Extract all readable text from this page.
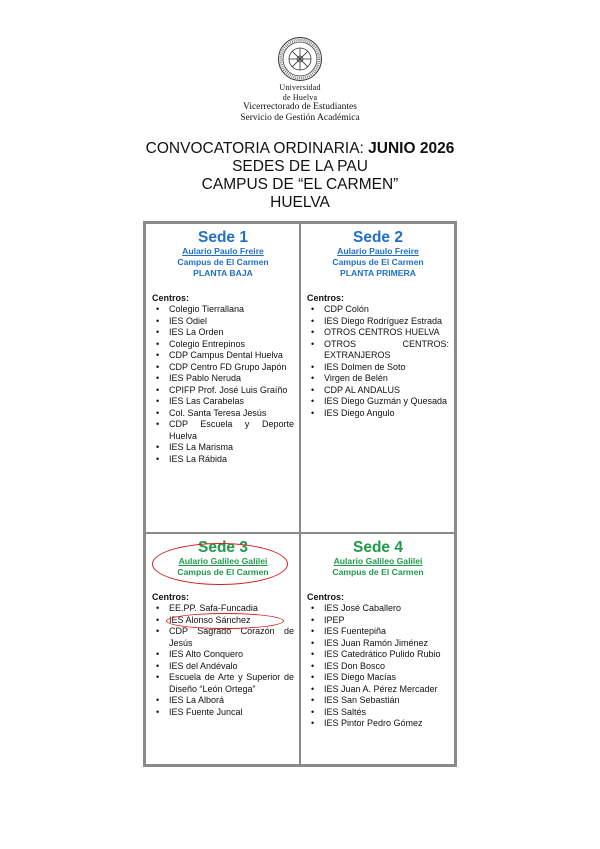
Universidad
de Huelva
Vicerrectorado de Estudiantes
Servicio de Gestión Académica
CONVOCATORIA ORDINARIA: JUNIO 2026
SEDES DE LA PAU
CAMPUS DE “EL CARMEN”
HUELVA
Sede 1
Aulario Paulo Freire
Campus de El Carmen
PLANTA BAJA
Centros:
• Colegio Tierrallana
• IES Odiel
• IES La Orden
• Colegio Entrepinos
• CDP Campus Dental Huelva
• CDP Centro FD Grupo Japón
• IES Pablo Neruda
• CPIFP Prof. José Luis Graíño
• IES Las Carabelas
• Col. Santa Teresa Jesús
• CDP Escuela y Deporte Huelva
• IES La Marisma
• IES La Rábida
Sede 2
Aulario Paulo Freire
Campus de El Carmen
PLANTA PRIMERA
Centros:
• CDP Colón
• IES Diego Rodríguez Estrada
• OTROS CENTROS HUELVA
• OTROS CENTROS: EXTRANJEROS
• IES Dolmen de Soto
• Virgen de Belén
• CDP AL ANDALUS
• IES Diego Guzmán y Quesada
• IES Diego Angulo
Sede 3
Aulario Galileo Galilei
Campus de El Carmen
Centros:
• EE.PP. Safa-Funcadia
• IES Alonso Sánchez
• CDP Sagrado Corazón de Jesús
• IES Alto Conquero
• IES del Andévalo
• Escuela de Arte y Superior de Diseño “León Ortega”
• IES La Alborá
• IES Fuente Juncal
Sede 4
Aulario Galileo Galilei
Campus de El Carmen
Centros:
• IES José Caballero
• IPEP
• IES Fuentepiña
• IES Juan Ramón Jiménez
• IES Catedrático Pulido Rubio
• IES Don Bosco
• IES Diego Macías
• IES Juan A. Pérez Mercader
• IES San Sebastián
• IES Saltés
• IES Pintor Pedro Gómez
